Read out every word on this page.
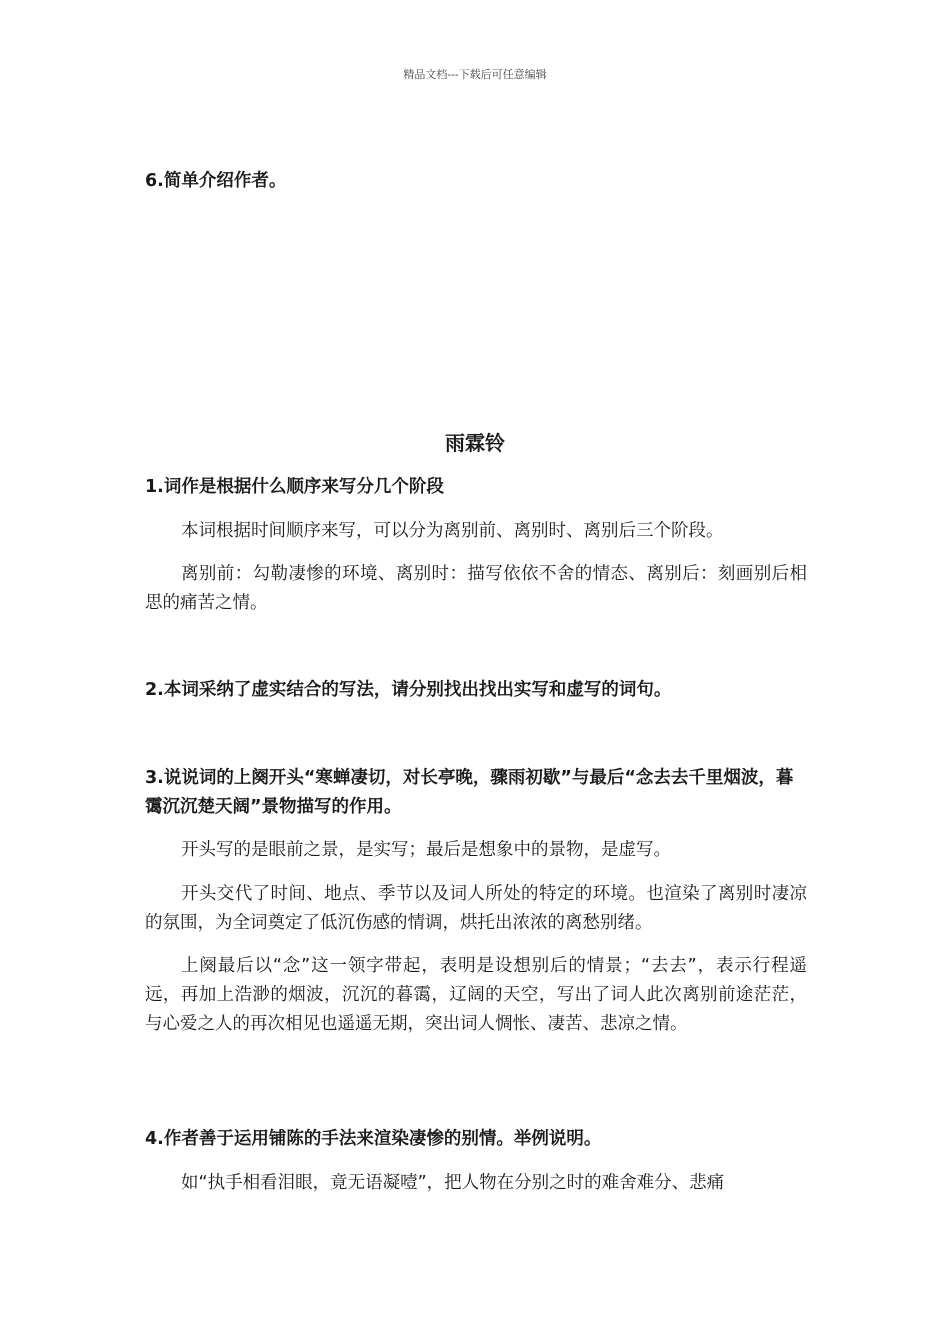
精品文档---下载后可任意编辑

6.简单介绍作者。

雨霖铃

1.词作是根据什么顺序来写分几个阶段

本词根据时间顺序来写，可以分为离别前、离别时、离别后三个阶段。

离别前：勾勒凄惨的环境、离别时：描写依依不舍的情态、离别后：刻画别后相思的痛苦之情。

2.本词采纳了虚实结合的写法，请分别找出找出实写和虚写的词句。

3.说说词的上阕开头“寒蝉凄切，对长亭晚，骤雨初歇”与最后“念去去千里烟波，暮霭沉沉楚天阔”景物描写的作用。

开头写的是眼前之景，是实写；最后是想象中的景物，是虚写。

开头交代了时间、地点、季节以及词人所处的特定的环境。也渲染了离别时凄凉的氛围，为全词奠定了低沉伤感的情调，烘托出浓浓的离愁别绪。

上阕最后以“念”这一领字带起，表明是设想别后的情景；“去去”，表示行程遥远，再加上浩渺的烟波，沉沉的暮霭，辽阔的天空，写出了词人此次离别前途茫茫，与心爱之人的再次相见也遥遥无期，突出词人惆怅、凄苦、悲凉之情。

4.作者善于运用铺陈的手法来渲染凄惨的别情。举例说明。

如“执手相看泪眼，竟无语凝噎”，把人物在分别之时的难舍难分、悲痛
